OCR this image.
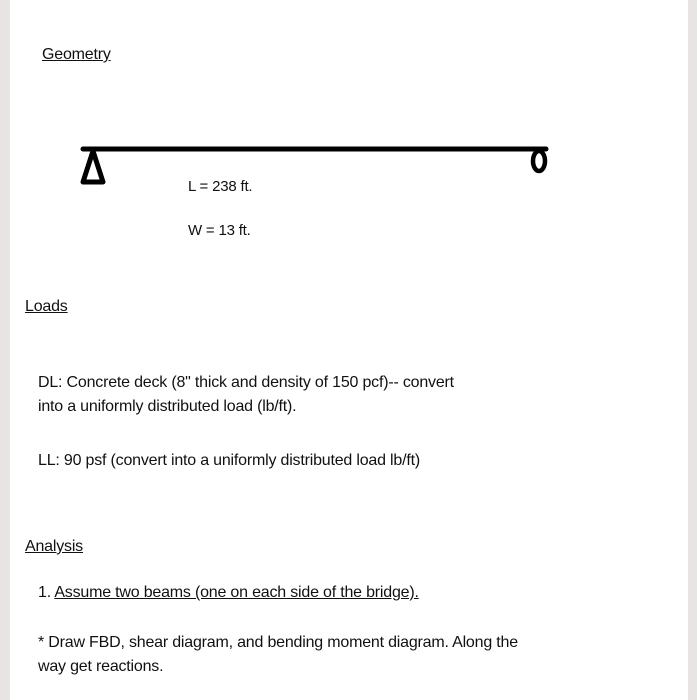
Geometry
L = 238 ft.
W = 13 ft.
Loads
DL: Concrete deck (8" thick and density of 150 pcf)-- convert
into a uniformly distributed load (lb/ft).
LL: 90 psf (convert into a uniformly distributed load lb/ft)
Analysis
1. Assume two beams (one on each side of the bridge).
* Draw FBD, shear diagram, and bending moment diagram. Along the
way get reactions.
